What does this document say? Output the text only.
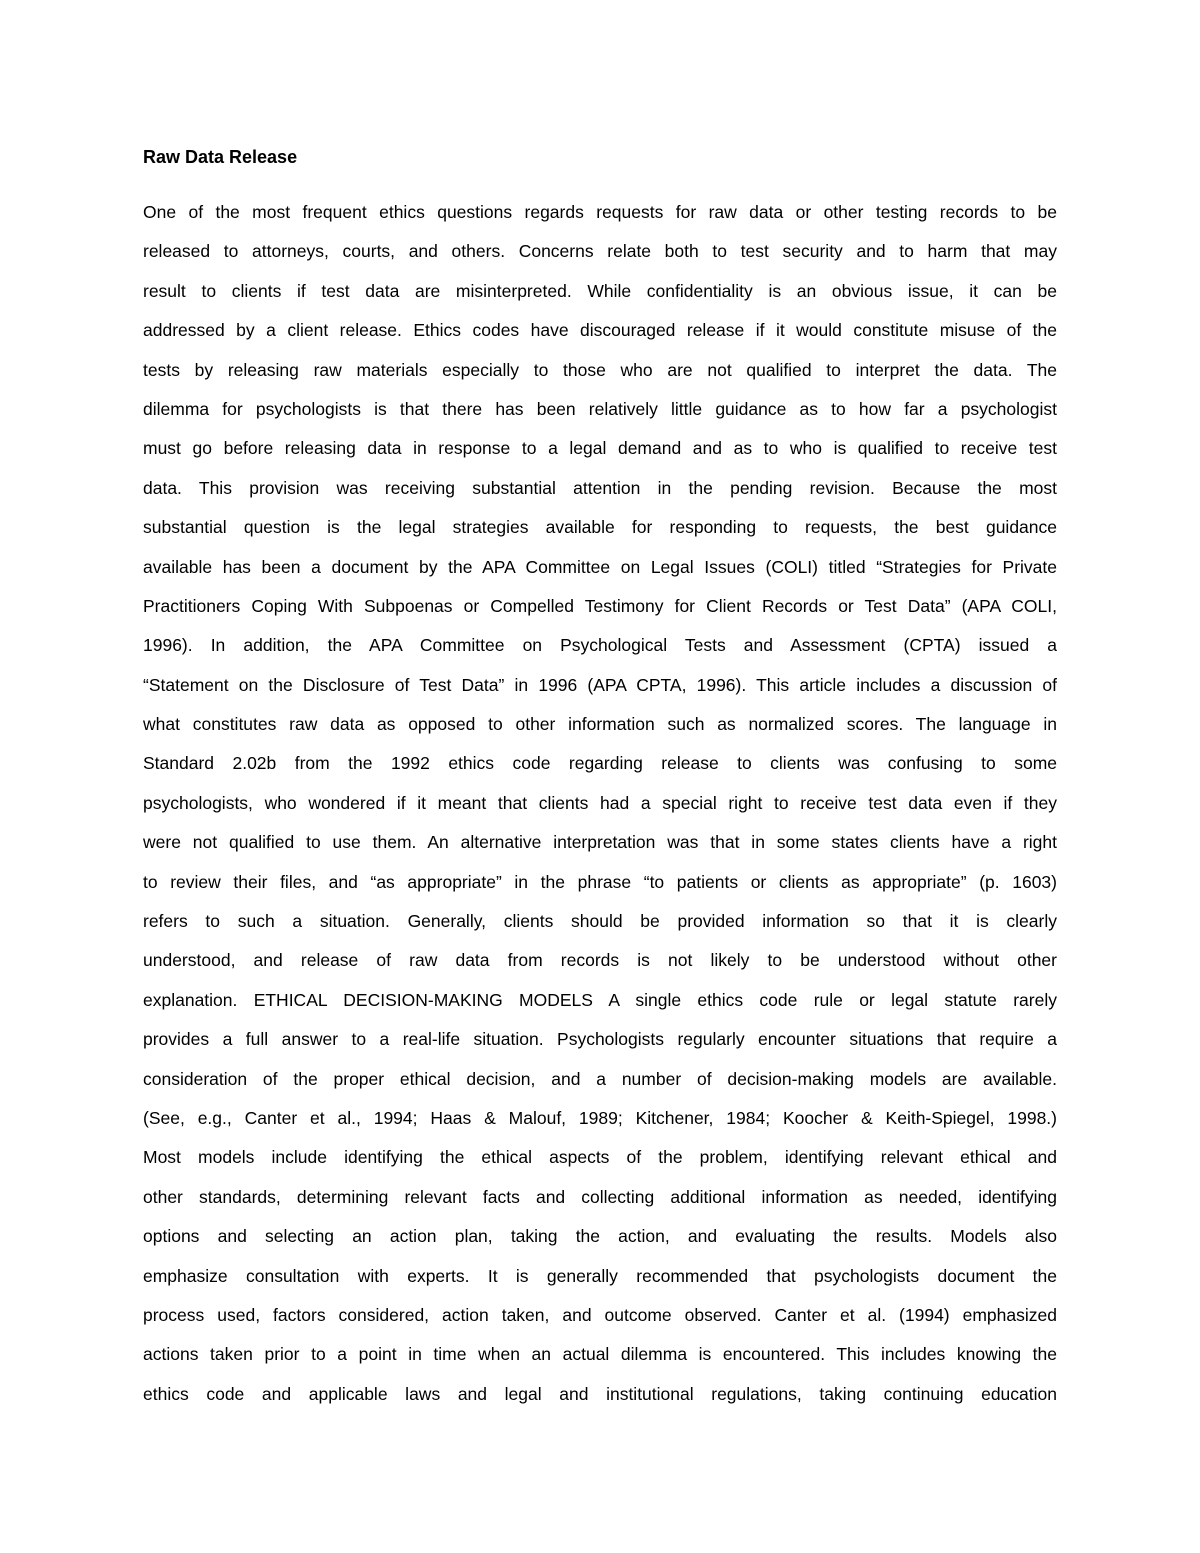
Raw Data Release
One of the most frequent ethics questions regards requests for raw data or other testing records to be
released to attorneys, courts, and others. Concerns relate both to test security and to harm that may
result to clients if test data are misinterpreted. While confidentiality is an obvious issue, it can be
addressed by a client release. Ethics codes have discouraged release if it would constitute misuse of the
tests by releasing raw materials especially to those who are not qualified to interpret the data. The
dilemma for psychologists is that there has been relatively little guidance as to how far a psychologist
must go before releasing data in response to a legal demand and as to who is qualified to receive test
data. This provision was receiving substantial attention in the pending revision. Because the most
substantial question is the legal strategies available for responding to requests, the best guidance
available has been a document by the APA Committee on Legal Issues (COLI) titled “Strategies for Private
Practitioners Coping With Subpoenas or Compelled Testimony for Client Records or Test Data” (APA COLI,
1996). In addition, the APA Committee on Psychological Tests and Assessment (CPTA) issued a
“Statement on the Disclosure of Test Data” in 1996 (APA CPTA, 1996). This article includes a discussion of
what constitutes raw data as opposed to other information such as normalized scores. The language in
Standard 2.02b from the 1992 ethics code regarding release to clients was confusing to some
psychologists, who wondered if it meant that clients had a special right to receive test data even if they
were not qualified to use them. An alternative interpretation was that in some states clients have a right
to review their files, and “as appropriate” in the phrase “to patients or clients as appropriate” (p. 1603)
refers to such a situation. Generally, clients should be provided information so that it is clearly
understood, and release of raw data from records is not likely to be understood without other
explanation. ETHICAL DECISION-MAKING MODELS A single ethics code rule or legal statute rarely
provides a full answer to a real-life situation. Psychologists regularly encounter situations that require a
consideration of the proper ethical decision, and a number of decision-making models are available.
(See, e.g., Canter et al., 1994; Haas & Malouf, 1989; Kitchener, 1984; Koocher & Keith-Spiegel, 1998.)
Most models include identifying the ethical aspects of the problem, identifying relevant ethical and
other standards, determining relevant facts and collecting additional information as needed, identifying
options and selecting an action plan, taking the action, and evaluating the results. Models also
emphasize consultation with experts. It is generally recommended that psychologists document the
process used, factors considered, action taken, and outcome observed. Canter et al. (1994) emphasized
actions taken prior to a point in time when an actual dilemma is encountered. This includes knowing the
ethics code and applicable laws and legal and institutional regulations, taking continuing education
